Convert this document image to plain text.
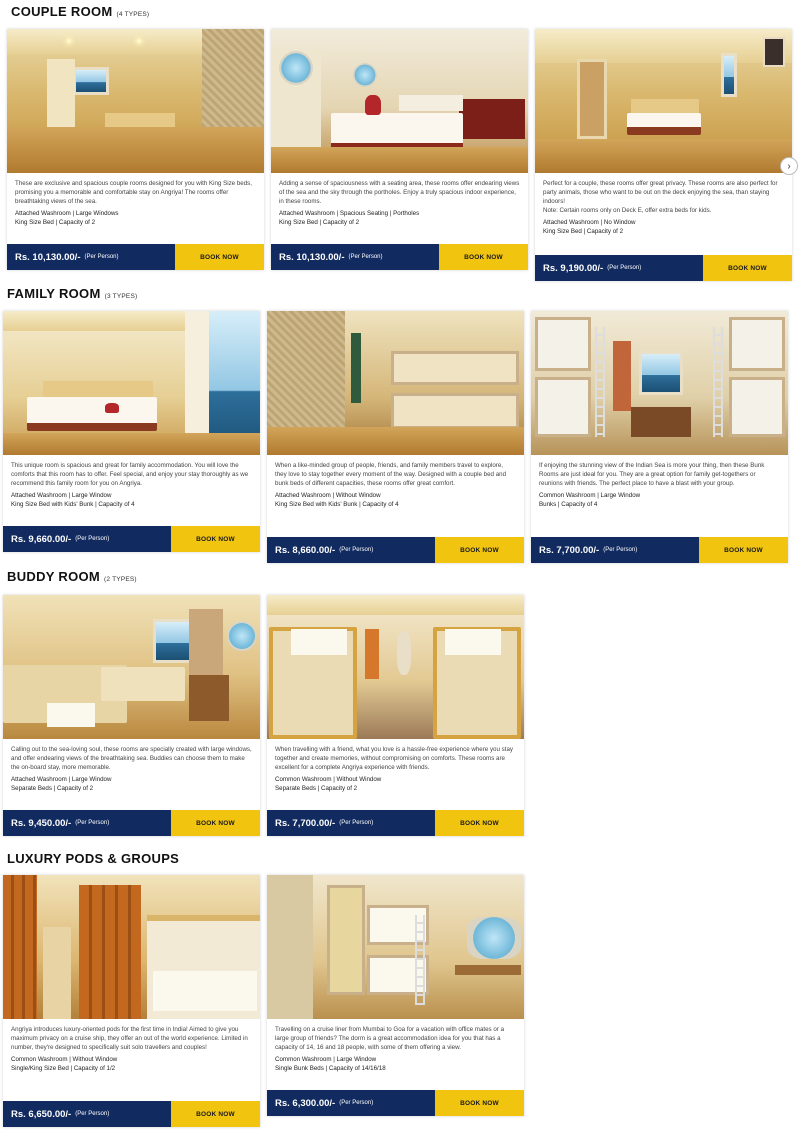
COUPLE ROOM (4 TYPES)
These are exclusive and spacious couple rooms designed for you with King Size beds, promising you a memorable and comfortable stay on Angriya! The rooms offer breathtaking views of the sea.
Attached Washroom | Large Windows
King Size Bed | Capacity of 2
Rs. 10,130.00/- (Per Person)	BOOK NOW
Adding a sense of spaciousness with a seating area, these rooms offer endearing views of the sea and the sky through the portholes. Enjoy a truly spacious indoor experience, in these rooms.
Attached Washroom | Spacious Seating | Portholes
King Size Bed | Capacity of 2
Rs. 10,130.00/- (Per Person)	BOOK NOW
›
Perfect for a couple, these rooms offer great privacy. These rooms are also perfect for party animals, those who want to be out on the deck enjoying the sea, than staying indoors!
Note: Certain rooms only on Deck E, offer extra beds for kids.
Attached Washroom | No Window
King Size Bed | Capacity of 2
Rs. 9,190.00/- (Per Person)	BOOK NOW
FAMILY ROOM (3 TYPES)
This unique room is spacious and great for family accommodation. You will love the comforts that this room has to offer. Feel special, and enjoy your stay thoroughly as we recommend this family room for you on Angriya.
Attached Washroom | Large Window
King Size Bed with Kids' Bunk | Capacity of 4
Rs. 9,660.00/- (Per Person)	BOOK NOW
When a like-minded group of people, friends, and family members travel to explore, they love to stay together every moment of the way. Designed with a couple bed and bunk beds of different capacities, these rooms offer great comfort.
Attached Washroom | Without Window
King Size Bed with Kids' Bunk | Capacity of 4
Rs. 8,660.00/- (Per Person)	BOOK NOW
If enjoying the stunning view of the Indian Sea is more your thing, then these Bunk Rooms are just ideal for you. They are a great option for family get-togethers or reunions with friends. The perfect place to have a blast with your group.
Common Washroom | Large Window
Bunks | Capacity of 4
Rs. 7,700.00/- (Per Person)	BOOK NOW
BUDDY ROOM (2 TYPES)
Calling out to the sea-loving soul, these rooms are specially created with large windows, and offer endearing views of the breathtaking sea. Buddies can choose them to make the on-board stay, more memorable.
Attached Washroom | Large Window
Separate Beds | Capacity of 2
Rs. 9,450.00/- (Per Person)	BOOK NOW
When travelling with a friend, what you love is a hassle-free experience where you stay together and create memories, without compromising on comforts. These rooms are excellent for a complete Angriya experience with friends.
Common Washroom | Without Window
Separate Beds | Capacity of 2
Rs. 7,700.00/- (Per Person)	BOOK NOW
LUXURY PODS & GROUPS
Angriya introduces luxury-oriented pods for the first time in India! Aimed to give you maximum privacy on a cruise ship, they offer an out of the world experience. Limited in number, they're designed to specifically suit solo travellers and couples!
Common Washroom | Without Window
Single/King Size Bed | Capacity of 1/2
Rs. 6,650.00/- (Per Person)	BOOK NOW
Travelling on a cruise liner from Mumbai to Goa for a vacation with office mates or a large group of friends? The dorm is a great accommodation idea for you that has a capacity of 14, 16 and 18 people, with some of them offering a view.
Common Washroom | Large Window
Single Bunk Beds | Capacity of 14/16/18
Rs. 6,300.00/- (Per Person)	BOOK NOW
